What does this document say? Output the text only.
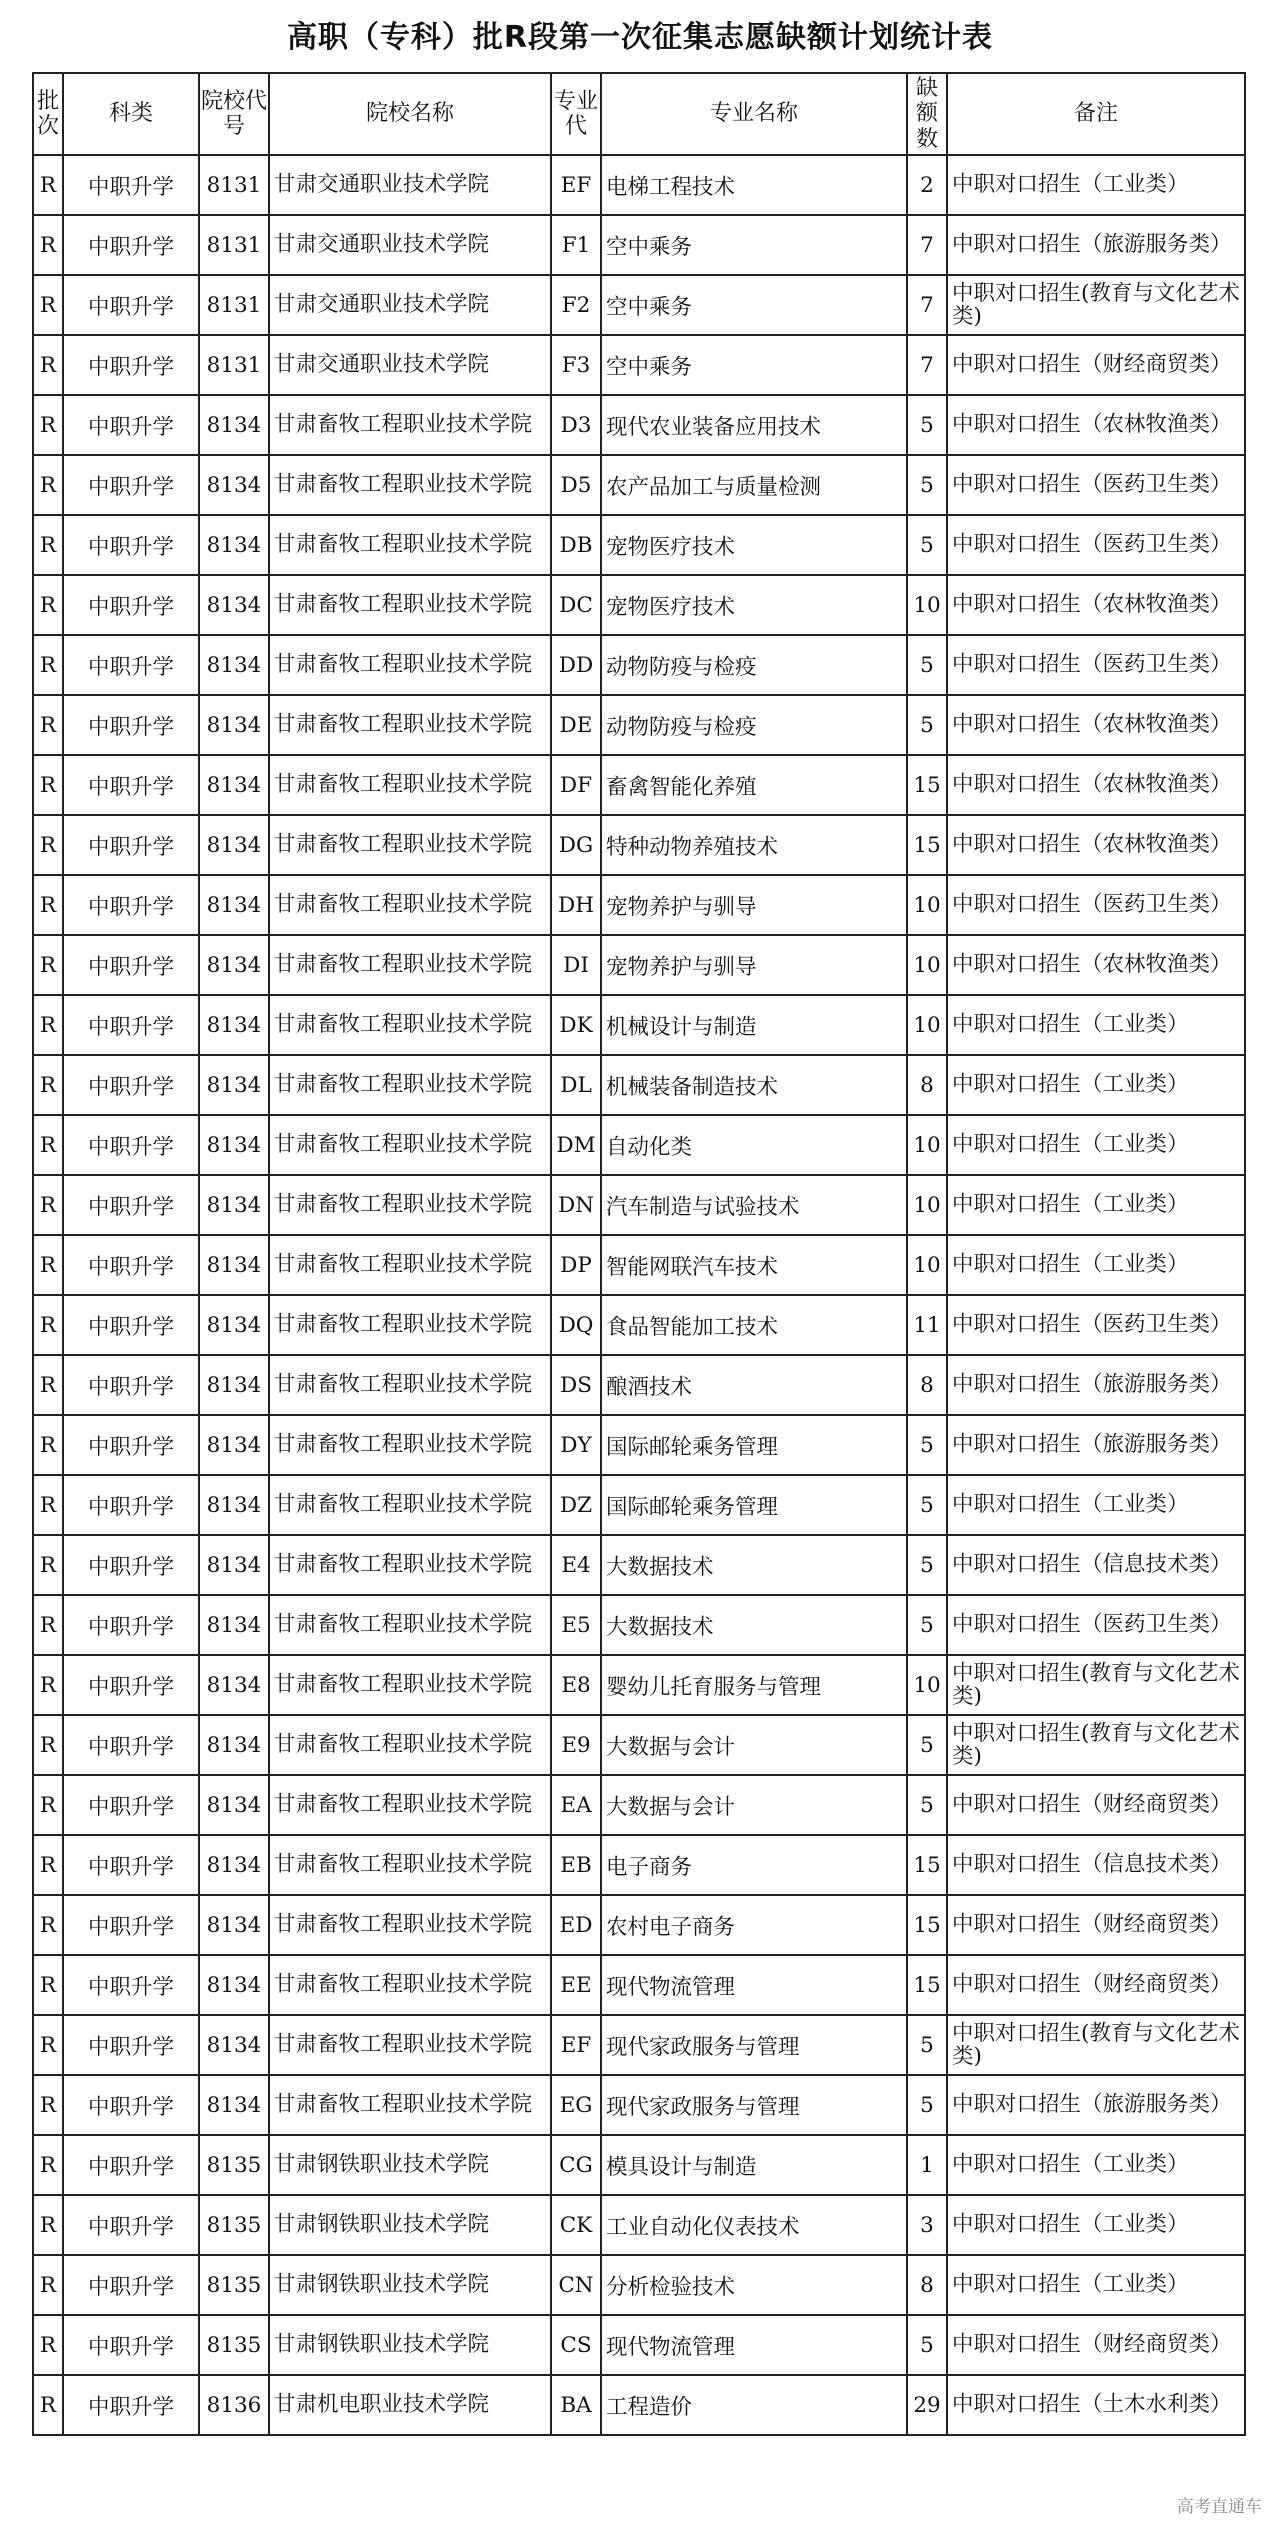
高职（专科）批R段第一次征集志愿缺额计划统计表
批次	科类	院校代号	院校名称	专业代	专业名称	缺额数	备注
R	中职升学	8131	甘肃交通职业技术学院	EF	电梯工程技术	2	中职对口招生（工业类）
R	中职升学	8131	甘肃交通职业技术学院	F1	空中乘务	7	中职对口招生（旅游服务类）
R	中职升学	8131	甘肃交通职业技术学院	F2	空中乘务	7	中职对口招生(教育与文化艺术类)
R	中职升学	8131	甘肃交通职业技术学院	F3	空中乘务	7	中职对口招生（财经商贸类）
R	中职升学	8134	甘肃畜牧工程职业技术学院	D3	现代农业装备应用技术	5	中职对口招生（农林牧渔类）
R	中职升学	8134	甘肃畜牧工程职业技术学院	D5	农产品加工与质量检测	5	中职对口招生（医药卫生类）
R	中职升学	8134	甘肃畜牧工程职业技术学院	DB	宠物医疗技术	5	中职对口招生（医药卫生类）
R	中职升学	8134	甘肃畜牧工程职业技术学院	DC	宠物医疗技术	10	中职对口招生（农林牧渔类）
R	中职升学	8134	甘肃畜牧工程职业技术学院	DD	动物防疫与检疫	5	中职对口招生（医药卫生类）
R	中职升学	8134	甘肃畜牧工程职业技术学院	DE	动物防疫与检疫	5	中职对口招生（农林牧渔类）
R	中职升学	8134	甘肃畜牧工程职业技术学院	DF	畜禽智能化养殖	15	中职对口招生（农林牧渔类）
R	中职升学	8134	甘肃畜牧工程职业技术学院	DG	特种动物养殖技术	15	中职对口招生（农林牧渔类）
R	中职升学	8134	甘肃畜牧工程职业技术学院	DH	宠物养护与驯导	10	中职对口招生（医药卫生类）
R	中职升学	8134	甘肃畜牧工程职业技术学院	DI	宠物养护与驯导	10	中职对口招生（农林牧渔类）
R	中职升学	8134	甘肃畜牧工程职业技术学院	DK	机械设计与制造	10	中职对口招生（工业类）
R	中职升学	8134	甘肃畜牧工程职业技术学院	DL	机械装备制造技术	8	中职对口招生（工业类）
R	中职升学	8134	甘肃畜牧工程职业技术学院	DM	自动化类	10	中职对口招生（工业类）
R	中职升学	8134	甘肃畜牧工程职业技术学院	DN	汽车制造与试验技术	10	中职对口招生（工业类）
R	中职升学	8134	甘肃畜牧工程职业技术学院	DP	智能网联汽车技术	10	中职对口招生（工业类）
R	中职升学	8134	甘肃畜牧工程职业技术学院	DQ	食品智能加工技术	11	中职对口招生（医药卫生类）
R	中职升学	8134	甘肃畜牧工程职业技术学院	DS	酿酒技术	8	中职对口招生（旅游服务类）
R	中职升学	8134	甘肃畜牧工程职业技术学院	DY	国际邮轮乘务管理	5	中职对口招生（旅游服务类）
R	中职升学	8134	甘肃畜牧工程职业技术学院	DZ	国际邮轮乘务管理	5	中职对口招生（工业类）
R	中职升学	8134	甘肃畜牧工程职业技术学院	E4	大数据技术	5	中职对口招生（信息技术类）
R	中职升学	8134	甘肃畜牧工程职业技术学院	E5	大数据技术	5	中职对口招生（医药卫生类）
R	中职升学	8134	甘肃畜牧工程职业技术学院	E8	婴幼儿托育服务与管理	10	中职对口招生(教育与文化艺术类)
R	中职升学	8134	甘肃畜牧工程职业技术学院	E9	大数据与会计	5	中职对口招生(教育与文化艺术类)
R	中职升学	8134	甘肃畜牧工程职业技术学院	EA	大数据与会计	5	中职对口招生（财经商贸类）
R	中职升学	8134	甘肃畜牧工程职业技术学院	EB	电子商务	15	中职对口招生（信息技术类）
R	中职升学	8134	甘肃畜牧工程职业技术学院	ED	农村电子商务	15	中职对口招生（财经商贸类）
R	中职升学	8134	甘肃畜牧工程职业技术学院	EE	现代物流管理	15	中职对口招生（财经商贸类）
R	中职升学	8134	甘肃畜牧工程职业技术学院	EF	现代家政服务与管理	5	中职对口招生(教育与文化艺术类)
R	中职升学	8134	甘肃畜牧工程职业技术学院	EG	现代家政服务与管理	5	中职对口招生（旅游服务类）
R	中职升学	8135	甘肃钢铁职业技术学院	CG	模具设计与制造	1	中职对口招生（工业类）
R	中职升学	8135	甘肃钢铁职业技术学院	CK	工业自动化仪表技术	3	中职对口招生（工业类）
R	中职升学	8135	甘肃钢铁职业技术学院	CN	分析检验技术	8	中职对口招生（工业类）
R	中职升学	8135	甘肃钢铁职业技术学院	CS	现代物流管理	5	中职对口招生（财经商贸类）
R	中职升学	8136	甘肃机电职业技术学院	BA	工程造价	29	中职对口招生（土木水利类）
高考直通车
